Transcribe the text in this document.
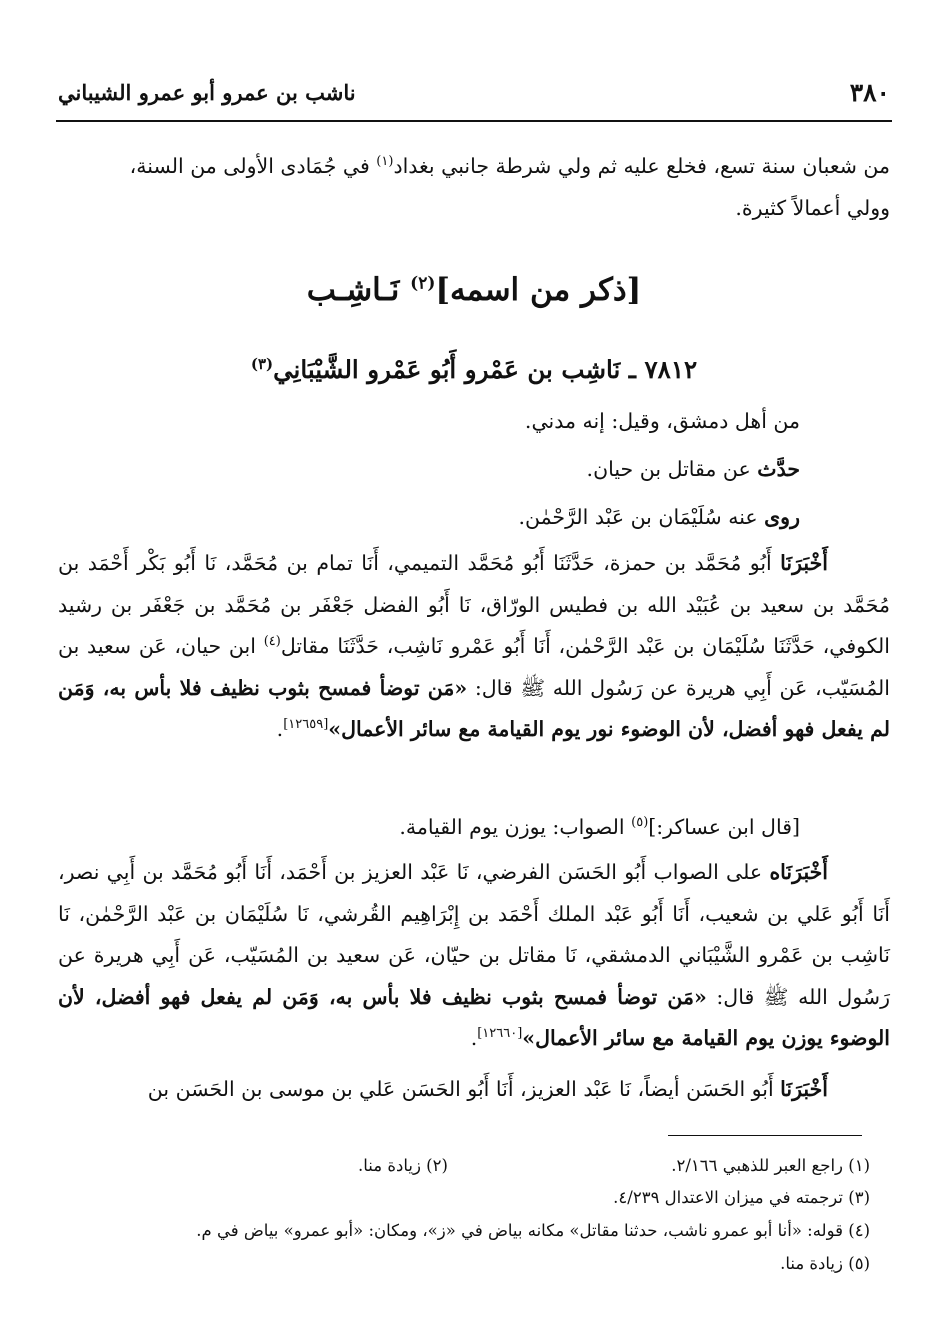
٣٨٠
ناشب بن عمرو أبو عمرو الشيباني
من شعبان سنة تسع، فخلع عليه ثم ولي شرطة جانبي بغداد$^{(١)}$ في جُمَادى الأولى من السنة،
وولي أعمالاً كثيرة.
[ذكر من اسمه]$^{(٢)}$ نَـاشِـب
٧٨١٢ ـ نَاشِب بن عَمْرو أَبُو عَمْرو الشَّيْبَانِي$^{(٣)}$
من أهل دمشق، وقيل: إنه مدني.
حدَّث عن مقاتل بن حيان.
روى عنه سُلَيْمَان بن عَبْد الرَّحْمٰن.
أَخْبَرَنَا أَبُو مُحَمَّد بن حمزة، حَدَّثَنَا أَبُو مُحَمَّد التميمي، أَنَا تمام بن مُحَمَّد، نَا أَبُو بَكْر أَحْمَد بن مُحَمَّد بن سعيد بن عُبَيْد الله بن فطيس الورّاق، نَا أَبُو الفضل جَعْفَر بن مُحَمَّد بن جَعْفَر بن رشيد الكوفي، حَدَّثَنَا سُلَيْمَان بن عَبْد الرَّحْمٰن، أَنَا أَبُو عَمْرو نَاشِب، حَدَّثَنَا مقاتل$^{(٤)}$ ابن حيان، عَن سعيد بن المُسَيّب، عَن أَبِي هريرة عن رَسُول الله ﷺ قال: «مَن توضأ فمسح بثوب نظيف فلا بأس به، وَمَن لم يفعل فهو أفضل، لأن الوضوء نور يوم القيامة مع سائر الأعمال»[١٢٦٥٩].
[قال ابن عساكر:]$^{(٥)}$ الصواب: يوزن يوم القيامة.
أَخْبَرَنَاه على الصواب أَبُو الحَسَن الفرضي، نَا عَبْد العزيز بن أَحْمَد، أَنَا أَبُو مُحَمَّد بن أَبِي نصر، أَنَا أَبُو عَلي بن شعيب، أَنَا أَبُو عَبْد الملك أَحْمَد بن إِبْرَاهِيم القُرشي، نَا سُلَيْمَان بن عَبْد الرَّحْمٰن، نَا نَاشِب بن عَمْرو الشَّيْبَاني الدمشقي، نَا مقاتل بن حيّان، عَن سعيد بن المُسَيّب، عَن أَبِي هريرة عن رَسُول الله ﷺ قال: «مَن توضأ فمسح بثوب نظيف فلا بأس به، وَمَن لم يفعل فهو أفضل، لأن الوضوء يوزن يوم القيامة مع سائر الأعمال»[١٢٦٦٠].
أَخْبَرَنَا أَبُو الحَسَن أيضاً، نَا عَبْد العزيز، أَنَا أَبُو الحَسَن عَلي بن موسى بن الحَسَن بن
(١) راجع العبر للذهبي ٢/١٦٦.
(٢) زيادة منا.
(٣) ترجمته في ميزان الاعتدال ٤/٢٣٩.
(٤) قوله: «أنا أبو عمرو ناشب، حدثنا مقاتل» مكانه بياض في «ز»، ومكان: «أبو عمرو» بياض في م.
(٥) زيادة منا.
